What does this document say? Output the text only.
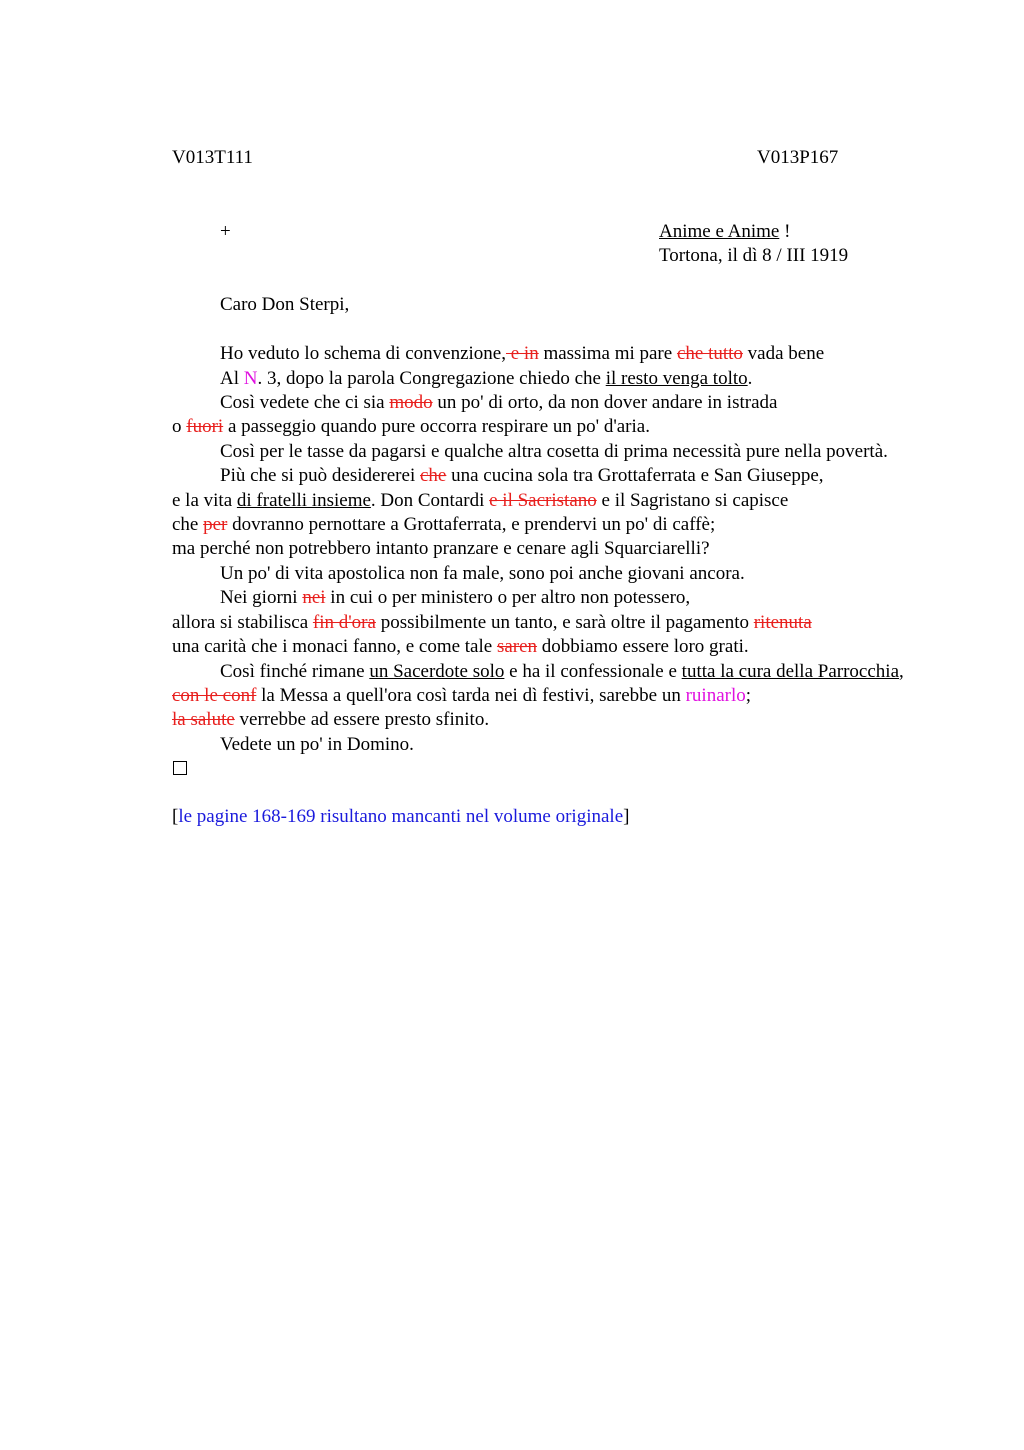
V013T111	V013P167
+	Anime e Anime !
Tortona, il dì 8 / III 1919
Caro Don Sterpi,
Ho veduto lo schema di convenzione, e in massima mi pare che tutto vada bene
Al N. 3, dopo la parola Congregazione chiedo che il resto venga tolto.
Così vedete che ci sia modo un po' di orto, da non dover andare in istrada
o fuori a passeggio quando pure occorra respirare un po' d'aria.
Così per le tasse da pagarsi e qualche altra cosetta di prima necessità pure nella povertà.
Più che si può desidererei che una cucina sola tra Grottaferrata e San Giuseppe,
e la vita di fratelli insieme. Don Contardi e il Sacristano e il Sagristano si capisce
che per dovranno pernottare a Grottaferrata, e prendervi un po' di caffè;
ma perché non potrebbero intanto pranzare e cenare agli Squarciarelli?
Un po' di vita apostolica non fa male, sono poi anche giovani ancora.
Nei giorni nei in cui o per ministero o per altro non potessero,
allora si stabilisca fin d'ora possibilmente un tanto, e sarà oltre il pagamento ritenuta
una carità che i monaci fanno, e come tale saren dobbiamo essere loro grati.
Così finché rimane un Sacerdote solo e ha il confessionale e tutta la cura della Parrocchia,
con le conf la Messa a quell'ora così tarda nei dì festivi, sarebbe un ruinarlo;
la salute verrebbe ad essere presto sfinito.
Vedete un po' in Domino.
[le pagine 168-169 risultano mancanti nel volume originale]
